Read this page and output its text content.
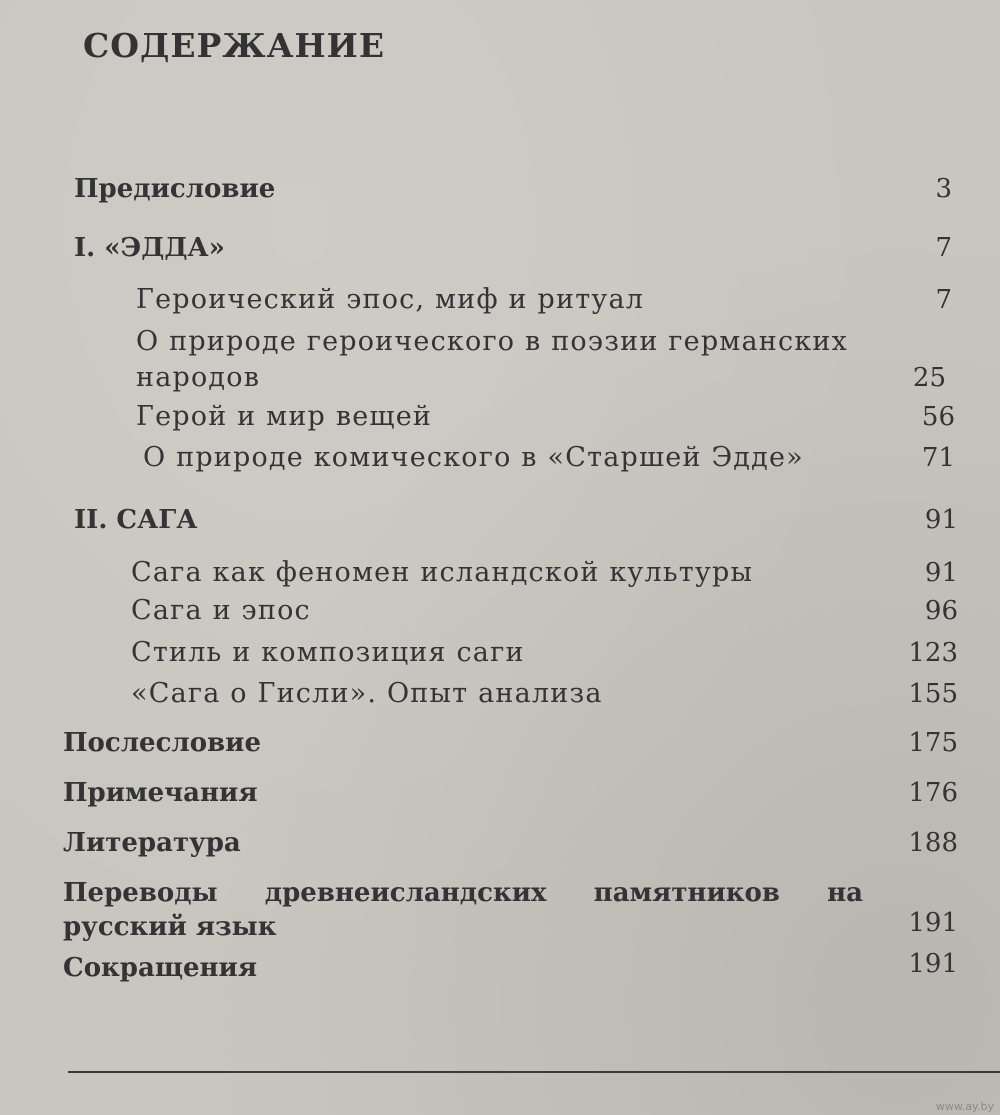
СОДЕРЖАНИЕ
Предисловие	3
I. «ЭДДА»	7
Героический эпос, миф и ритуал	7
О природе героического в поэзии германских
народов	25
Герой и мир вещей	56
О природе комического в «Старшей Эдде»	71
II. САГА	91
Сага как феномен исландской культуры	91
Сага и эпос	96
Стиль и композиция саги	123
«Сага о Гисли». Опыт анализа	155
Послесловие	175
Примечания	176
Литература	188
Переводы древнеисландских памятников на
русский язык	191
Сокращения	191
www.ay.by
